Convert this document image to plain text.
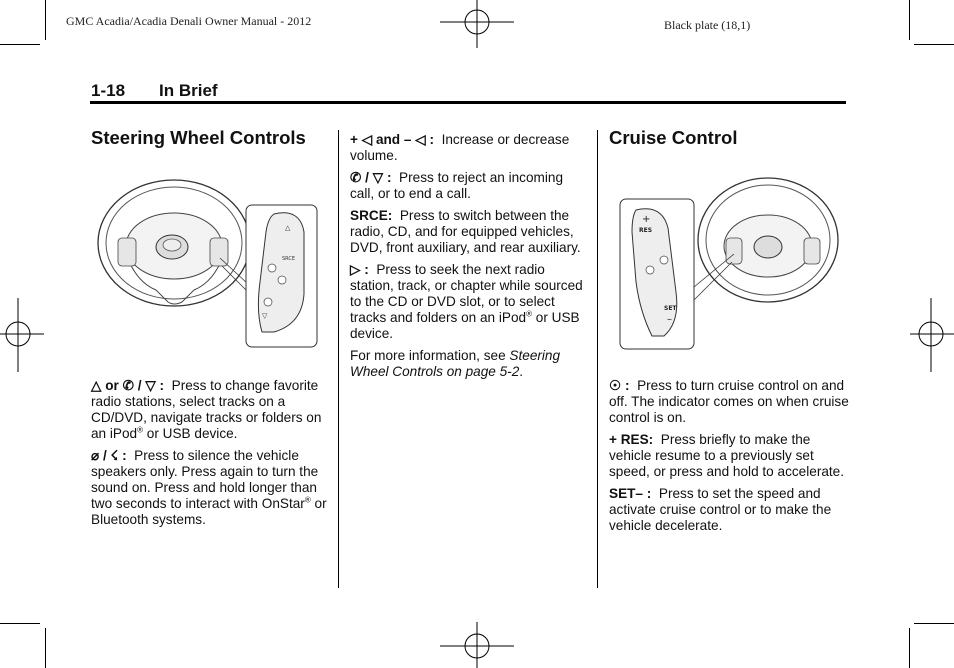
GMC Acadia/Acadia Denali Owner Manual - 2012	Black plate (18,1)
1-18 In Brief
Steering Wheel Controls
△
SRCE
▽

△ or ✆ / ▽ : Press to change favorite radio stations, select tracks on a CD/DVD, navigate tracks or folders on an iPod® or USB device.

⌀ / ☇ : Press to silence the vehicle speakers only. Press again to turn the sound on. Press and hold longer than two seconds to interact with OnStar® or Bluetooth systems.

+ ◁ and – ◁ : Increase or decrease volume.

✆ / ▽ : Press to reject an incoming call, or to end a call.

SRCE: Press to switch between the radio, CD, and for equipped vehicles, DVD, front auxiliary, and rear auxiliary.

▷ : Press to seek the next radio station, track, or chapter while sourced to the CD or DVD slot, or to select tracks and folders on an iPod® or USB device.

For more information, see Steering Wheel Controls on page 5-2.

Cruise Control
+
RES
SET
–

☉ : Press to turn cruise control on and off. The indicator comes on when cruise control is on.

+ RES: Press briefly to make the vehicle resume to a previously set speed, or press and hold to accelerate.

SET– : Press to set the speed and activate cruise control or to make the vehicle decelerate.
